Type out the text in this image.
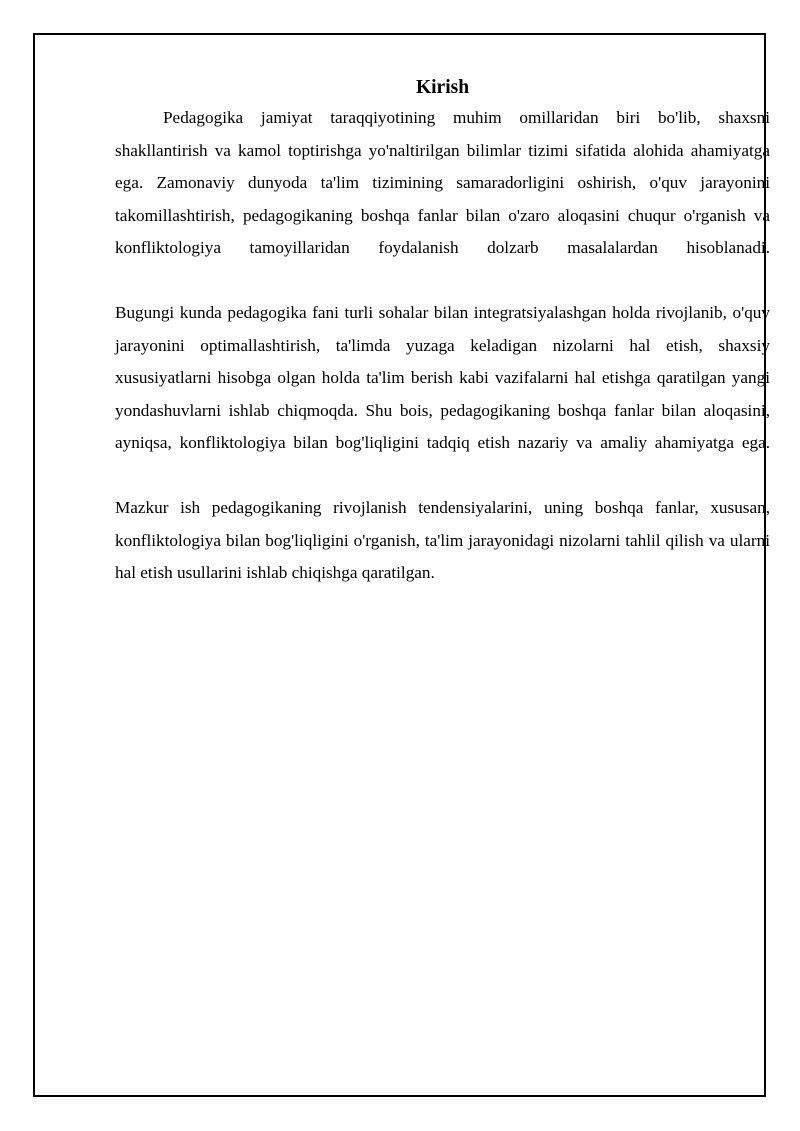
Kirish

Pedagogika jamiyat taraqqiyotining muhim omillaridan biri bo'lib, shaxsni shakllantirish va kamol toptirishga yo'naltirilgan bilimlar tizimi sifatida alohida ahamiyatga ega. Zamonaviy dunyoda ta'lim tizimining samaradorligini oshirish, o'quv jarayonini takomillashtirish, pedagogikaning boshqa fanlar bilan o'zaro aloqasini chuqur o'rganish va konfliktologiya tamoyillaridan foydalanish dolzarb masalalardan hisoblanadi.

Bugungi kunda pedagogika fani turli sohalar bilan integratsiyalashgan holda rivojlanib, o'quv jarayonini optimallashtirish, ta'limda yuzaga keladigan nizolarni hal etish, shaxsiy xususiyatlarni hisobga olgan holda ta'lim berish kabi vazifalarni hal etishga qaratilgan yangi yondashuvlarni ishlab chiqmoqda. Shu bois, pedagogikaning boshqa fanlar bilan aloqasini, ayniqsa, konfliktologiya bilan bog'liqligini tadqiq etish nazariy va amaliy ahamiyatga ega.

Mazkur ish pedagogikaning rivojlanish tendensiyalarini, uning boshqa fanlar, xususan, konfliktologiya bilan bog'liqligini o'rganish, ta'lim jarayonidagi nizolarni tahlil qilish va ularni hal etish usullarini ishlab chiqishga qaratilgan.
